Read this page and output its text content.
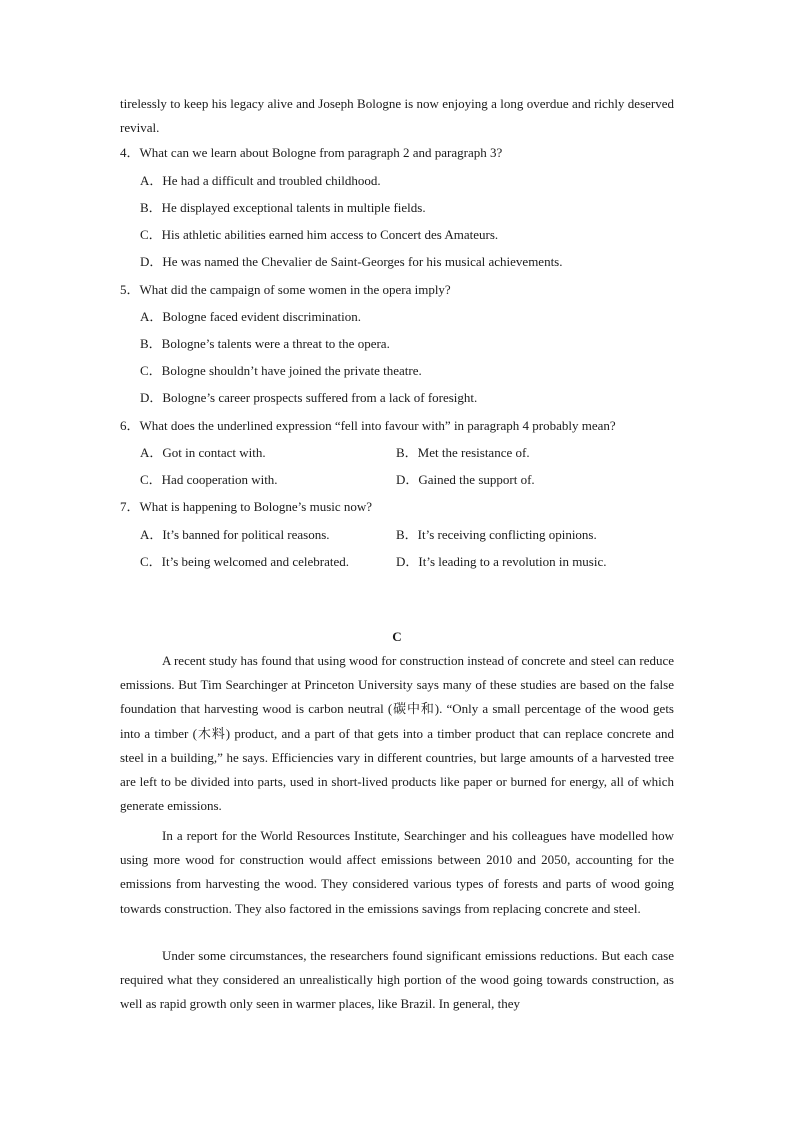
tirelessly to keep his legacy alive and Joseph Bologne is now enjoying a long overdue and richly deserved revival.
4．What can we learn about Bologne from paragraph 2 and paragraph 3?
A．He had a difficult and troubled childhood.
B．He displayed exceptional talents in multiple fields.
C．His athletic abilities earned him access to Concert des Amateurs.
D．He was named the Chevalier de Saint-Georges for his musical achievements.
5．What did the campaign of some women in the opera imply?
A．Bologne faced evident discrimination.
B．Bologne’s talents were a threat to the opera.
C．Bologne shouldn’t have joined the private theatre.
D．Bologne’s career prospects suffered from a lack of foresight.
6．What does the underlined expression “fell into favour with” in paragraph 4 probably mean?
A．Got in contact with.	B．Met the resistance of.
C．Had cooperation with.	D．Gained the support of.
7．What is happening to Bologne’s music now?
A．It’s banned for political reasons.	B．It’s receiving conflicting opinions.
C．It’s being welcomed and celebrated.	D．It’s leading to a revolution in music.
C
A recent study has found that using wood for construction instead of concrete and steel can reduce emissions. But Tim Searchinger at Princeton University says many of these studies are based on the false foundation that harvesting wood is carbon neutral (碳中和). “Only a small percentage of the wood gets into a timber (木料) product, and a part of that gets into a timber product that can replace concrete and steel in a building,” he says. Efficiencies vary in different countries, but large amounts of a harvested tree are left to be divided into parts, used in short-lived products like paper or burned for energy, all of which generate emissions.
In a report for the World Resources Institute, Searchinger and his colleagues have modelled how using more wood for construction would affect emissions between 2010 and 2050, accounting for the emissions from harvesting the wood. They considered various types of forests and parts of wood going towards construction. They also factored in the emissions savings from replacing concrete and steel.
Under some circumstances, the researchers found significant emissions reductions. But each case required what they considered an unrealistically high portion of the wood going towards construction, as well as rapid growth only seen in warmer places, like Brazil. In general, they
